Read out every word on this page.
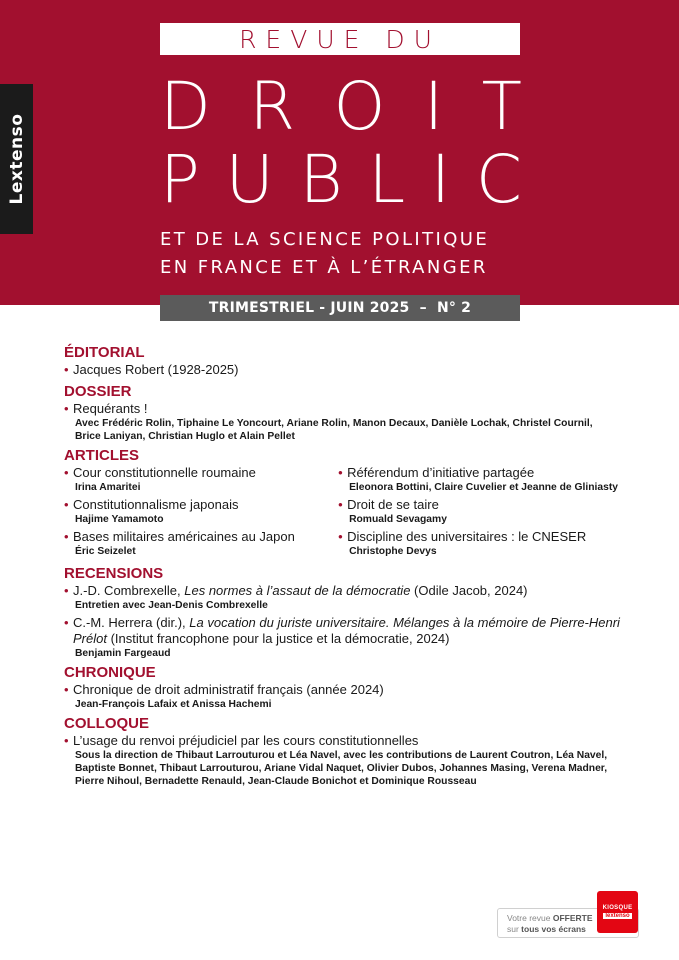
Lextenso
REVUE DU
D R O I T
P U B L I C
ET DE LA SCIENCE POLITIQUE
EN FRANCE ET À L’ÉTRANGER
TRIMESTRIEL - JUIN 2025  –  N° 2
ÉDITORIAL
• Jacques Robert (1928-2025)
DOSSIER
• Requérants !
Avec Frédéric Rolin, Tiphaine Le Yoncourt, Ariane Rolin, Manon Decaux, Danièle Lochak, Christel Cournil,
Brice Laniyan, Christian Huglo et Alain Pellet
ARTICLES
• Cour constitutionnelle roumaine
Irina Amaritei
• Constitutionnalisme japonais
Hajime Yamamoto
• Bases militaires américaines au Japon
Éric Seizelet
• Référendum d’initiative partagée
Eleonora Bottini, Claire Cuvelier et Jeanne de Gliniasty
• Droit de se taire
Romuald Sevagamy
• Discipline des universitaires : le CNESER
Christophe Devys
RECENSIONS
• J.-D. Combrexelle, Les normes à l’assaut de la démocratie (Odile Jacob, 2024)
Entretien avec Jean-Denis Combrexelle
• C.-M. Herrera (dir.), La vocation du juriste universitaire. Mélanges à la mémoire de Pierre-Henri
Prélot (Institut francophone pour la justice et la démocratie, 2024)
Benjamin Fargeaud
CHRONIQUE
• Chronique de droit administratif français (année 2024)
Jean-François Lafaix et Anissa Hachemi
COLLOQUE
• L’usage du renvoi préjudiciel par les cours constitutionnelles
Sous la direction de Thibaut Larrouturou et Léa Navel, avec les contributions de Laurent Coutron, Léa Navel,
Baptiste Bonnet, Thibaut Larrouturou, Ariane Vidal Naquet, Olivier Dubos, Johannes Masing, Verena Madner,
Pierre Nihoul, Bernadette Renauld, Jean-Claude Bonichot et Dominique Rousseau
Votre revue OFFERTE
sur tous vos écrans
KIOSQUE
lextenso
